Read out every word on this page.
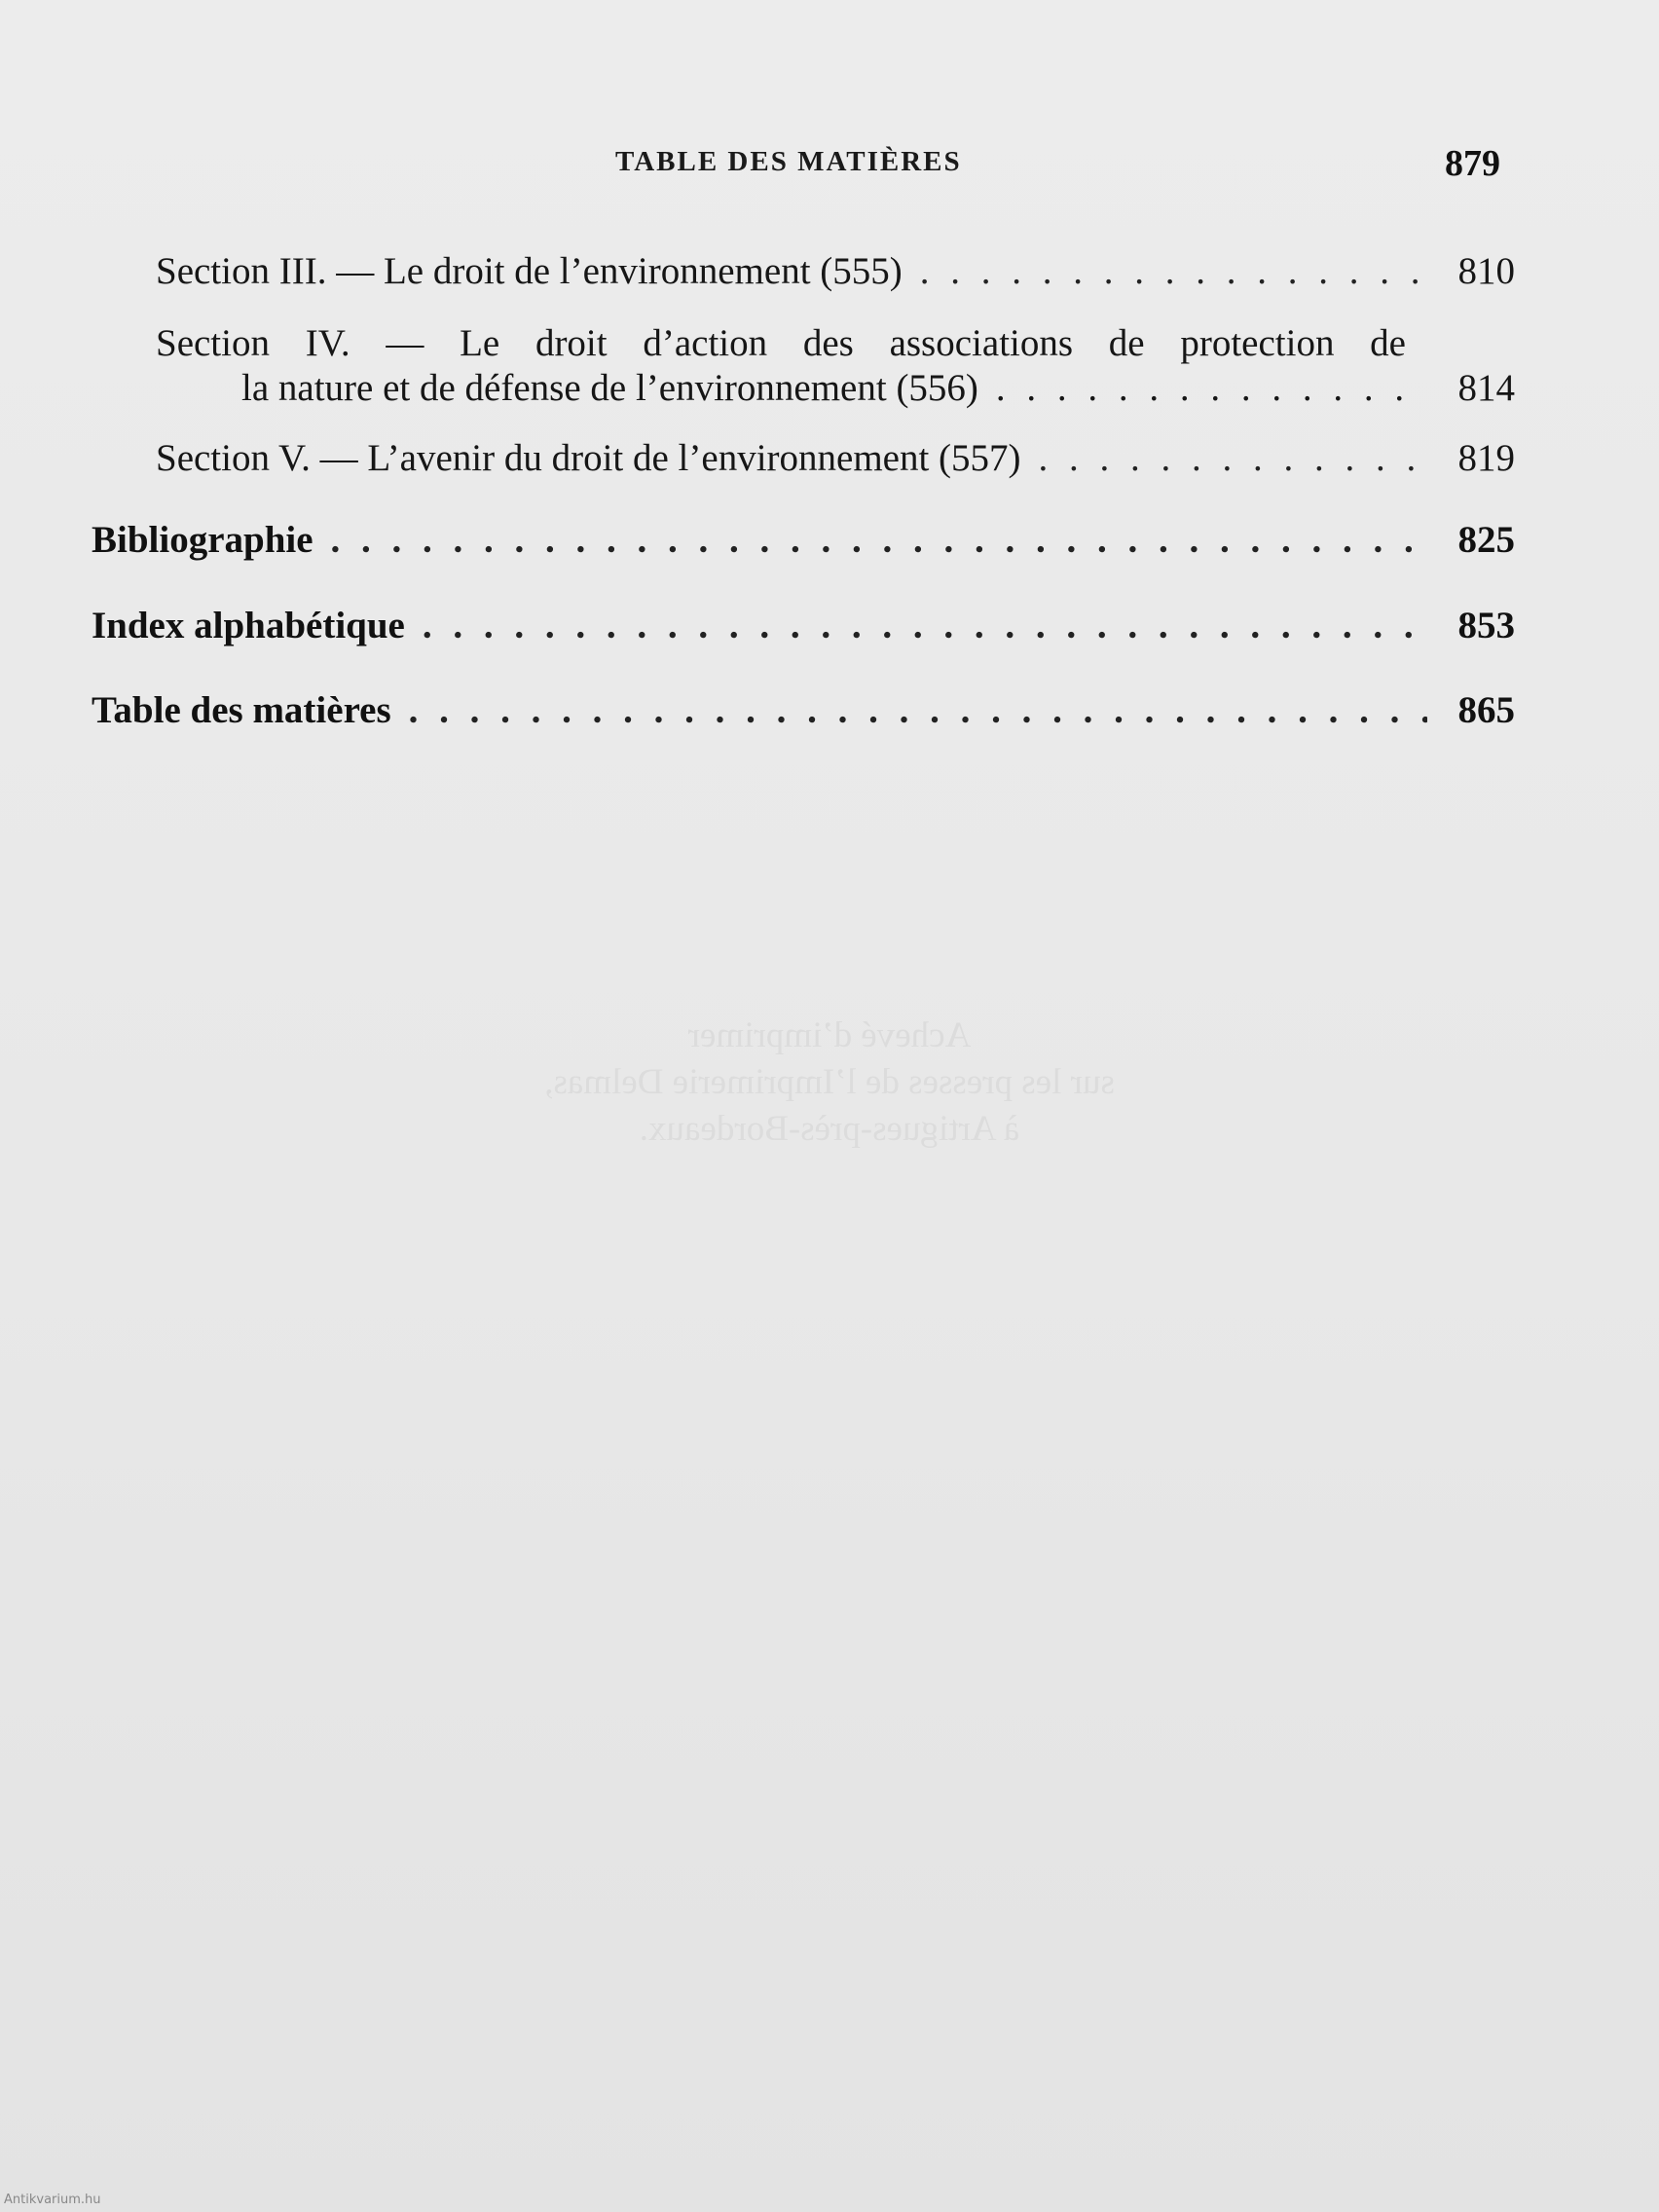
TABLE DES MATIÈRES	879
Section III. — Le droit de l’environnement (555) . . .	810
Section IV. — Le droit d’action des associations de protection de
la nature et de défense de l’environnement (556) . . .	814
Section V. — L’avenir du droit de l’environnement (557) . . .	819
Bibliographie . . .	825
Index alphabétique . . .	853
Table des matières . . .	865
Achevé d’imprimer
sur les presses de l’Imprimerie Delmas,
à Artigues-près-Bordeaux.
Antikvarium.hu
